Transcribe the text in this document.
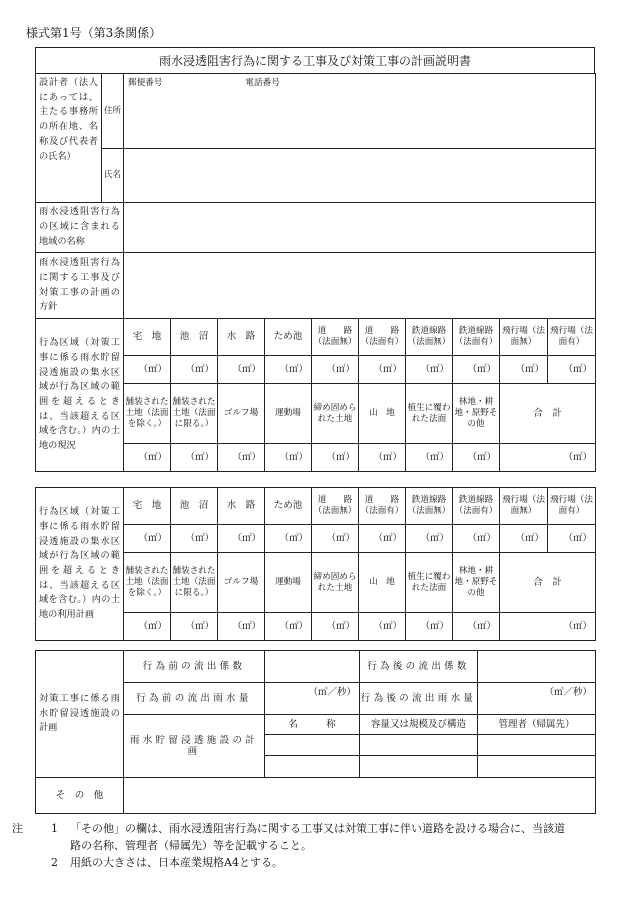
様式第1号（第3条関係）
雨水浸透阻害行為に関する工事及び対策工事の計画説明書
設計者（法人にあっては、主たる事務所の所在地、名称及び代表者の氏名）	住所	郵便番号 電話番号
	氏名	
雨水浸透阻害行為の区域に含まれる地域の名称		
雨水浸透阻害行為に関する工事及び対策工事の計画の方針		
行為区域（対策工事に係る雨水貯留浸透施設の集水区域が行為区域の範囲を超えるときは、当該超える区域を含む。）内の土地の現況	宅　地	池　沼	水　路	ため池	道　　路（法面無）	道　　路（法面有）	鉄道線路（法面無）	鉄道線路（法面有）	飛行場（法面無）	飛行場（法面有）
	（㎡）	（㎡）	（㎡）	（㎡）	（㎡）	（㎡）	（㎡）	（㎡）	（㎡）	（㎡）
	舗装された土地（法面を除く。）	舗装された土地（法面に限る。）	ゴルフ場	運動場	締め固められた土地	山　地	植生に覆われた法面	林地・耕地・原野その他	合　計	
	（㎡）	（㎡）	（㎡）	（㎡）	（㎡）	（㎡）	（㎡）	（㎡）	（㎡）	
行為区域（対策工事に係る雨水貯留浸透施設の集水区域が行為区域の範囲を超えるときは、当該超える区域を含む。）内の土地の利用計画	宅　地	池　沼	水　路	ため池	道　　路（法面無）	道　　路（法面有）	鉄道線路（法面無）	鉄道線路（法面有）	飛行場（法面無）	飛行場（法面有）
	（㎡）	（㎡）	（㎡）	（㎡）	（㎡）	（㎡）	（㎡）	（㎡）	（㎡）	（㎡）
	舗装された土地（法面を除く。）	舗装された土地（法面に限る。）	ゴルフ場	運動場	締め固められた土地	山　地	植生に覆われた法面	林地・耕地・原野その他	合　計	
	（㎡）	（㎡）	（㎡）	（㎡）	（㎡）	（㎡）	（㎡）	（㎡）	（㎡）	
対策工事に係る雨水貯留浸透施設の計画	行為前の流出係数		行為後の流出係数	
	行為前の流出雨水量	（㎥／秒）	行為後の流出雨水量	（㎥／秒）
	雨水貯留浸透施設の計画	名　　　称	容量又は規模及び構造	管理者（帰属先）

そ　の　他				
注	1	「その他」の欄は、雨水浸透阻害行為に関する工事又は対策工事に伴い道路を設ける場合に、当該道
路の名称、管理者（帰属先）等を記載すること。
2	用紙の大きさは、日本産業規格A4とする。
